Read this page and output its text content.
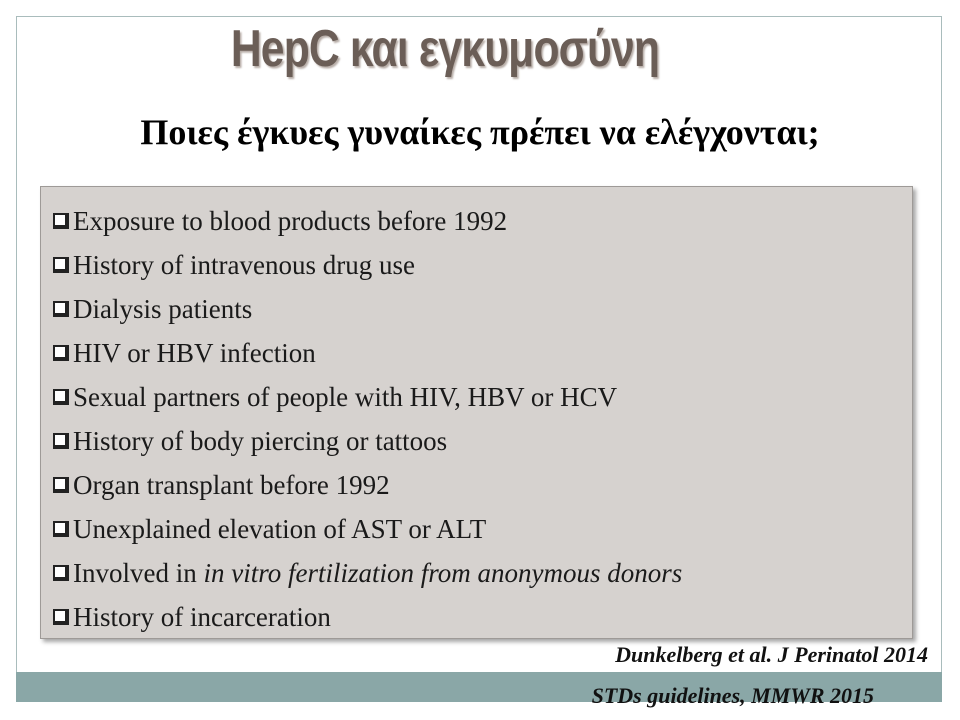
HepC και εγκυμοσύνη
Ποιες έγκυες γυναίκες πρέπει να ελέγχονται;
Exposure to blood products before 1992
History of intravenous drug use
Dialysis patients
HIV or HBV infection
Sexual partners of people with HIV, HBV or HCV
History of body piercing or tattoos
Organ transplant before 1992
Unexplained elevation of AST or ALT
Involved in in vitro fertilization from anonymous donors
History of incarceration
Dunkelberg et al. J Perinatol 2014
STDs guidelines, MMWR 2015
